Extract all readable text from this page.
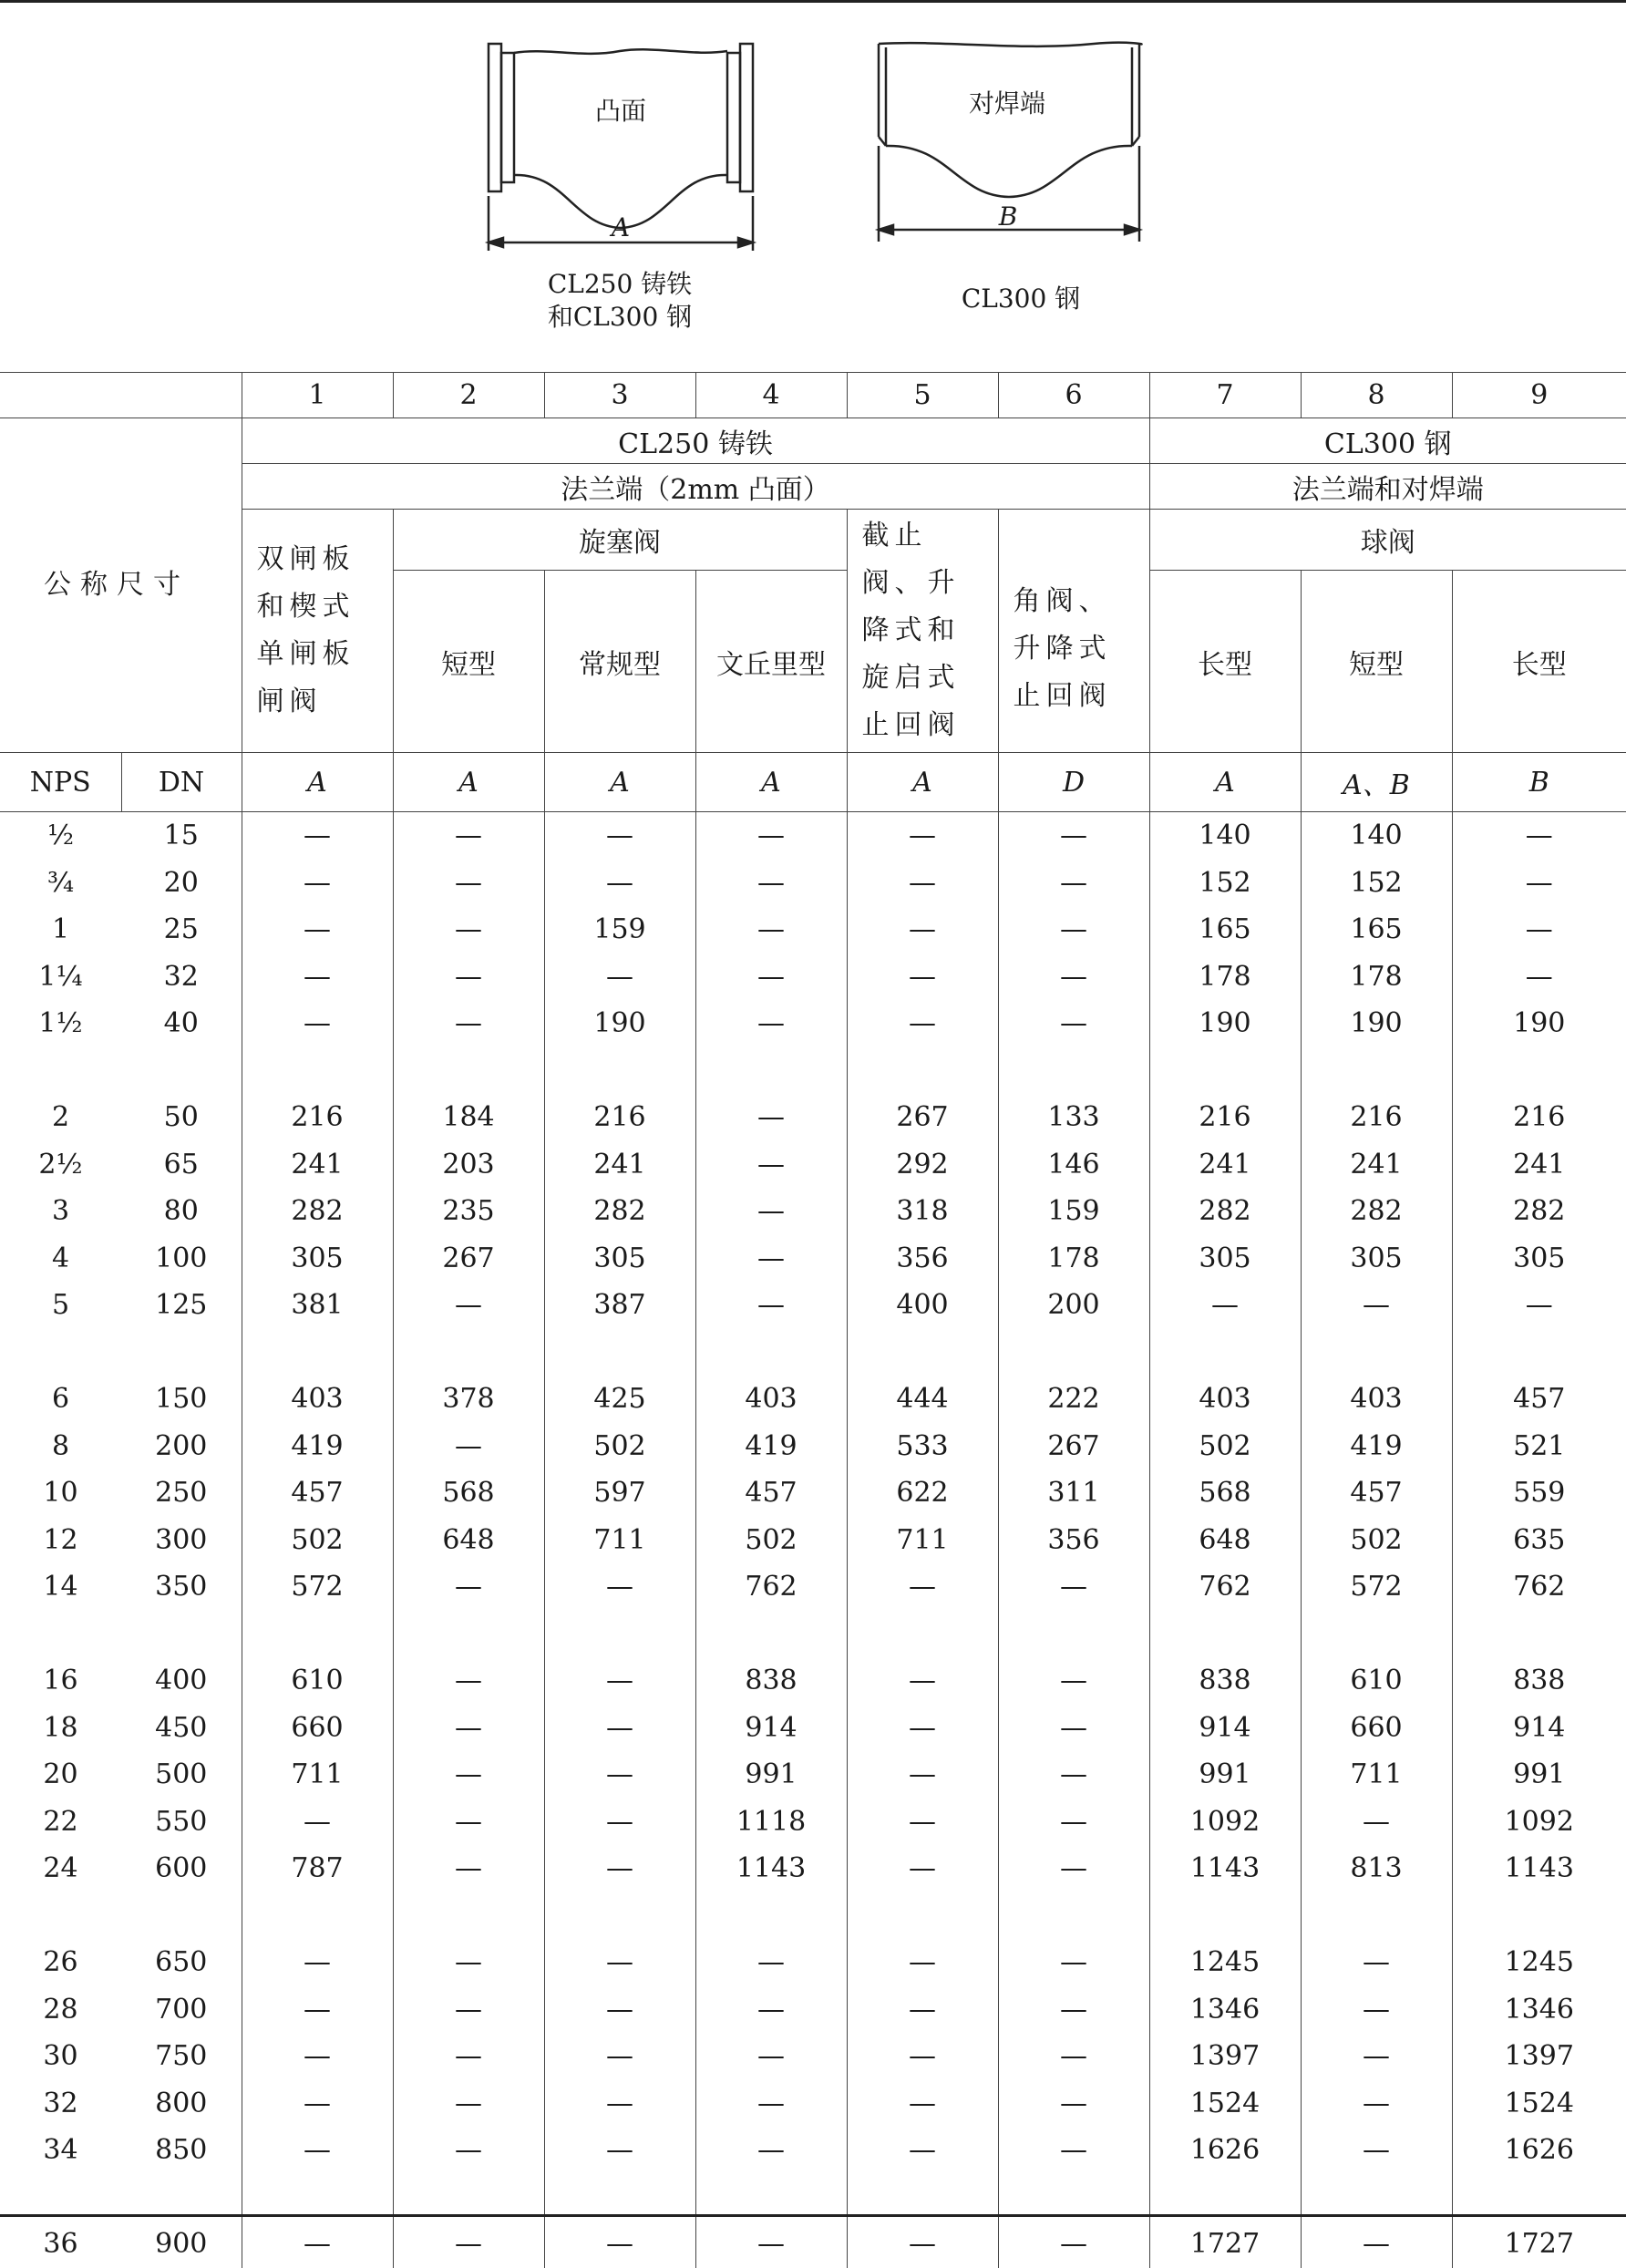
凸面
A
CL250 铸铁
和CL300 钢
对焊端
B
CL300 钢
		1	2	3	4	5	6	7	8	9
公称尺寸		CL250 铸铁						CL300 钢		
		法兰端（2mm 凸面）						法兰端和对焊端		
		双闸板和楔式单闸板闸阀	旋塞阀			截止阀、升降式和旋启式止回阀	角阀、升降式止回阀	球阀		
			短型	常规型	文丘里型			长型	短型	长型
NPS	DN	A	A	A	A	A	D	A	A、B	B
½	15	—	—	—	—	—	—	140	140	—
¾	20	—	—	—	—	—	—	152	152	—
1	25	—	—	159	—	—	—	165	165	—
1¼	32	—	—	—	—	—	—	178	178	—
1½	40	—	—	190	—	—	—	190	190	190

2	50	216	184	216	—	267	133	216	216	216
2½	65	241	203	241	—	292	146	241	241	241
3	80	282	235	282	—	318	159	282	282	282
4	100	305	267	305	—	356	178	305	305	305
5	125	381	—	387	—	400	200	—	—	—

6	150	403	378	425	403	444	222	403	403	457
8	200	419	—	502	419	533	267	502	419	521
10	250	457	568	597	457	622	311	568	457	559
12	300	502	648	711	502	711	356	648	502	635
14	350	572	—	—	762	—	—	762	572	762

16	400	610	—	—	838	—	—	838	610	838
18	450	660	—	—	914	—	—	914	660	914
20	500	711	—	—	991	—	—	991	711	991
22	550	—	—	—	1118	—	—	1092	—	1092
24	600	787	—	—	1143	—	—	1143	813	1143

26	650	—	—	—	—	—	—	1245	—	1245
28	700	—	—	—	—	—	—	1346	—	1346
30	750	—	—	—	—	—	—	1397	—	1397
32	800	—	—	—	—	—	—	1524	—	1524
34	850	—	—	—	—	—	—	1626	—	1626

36	900	—	—	—	—	—	—	1727	—	1727
